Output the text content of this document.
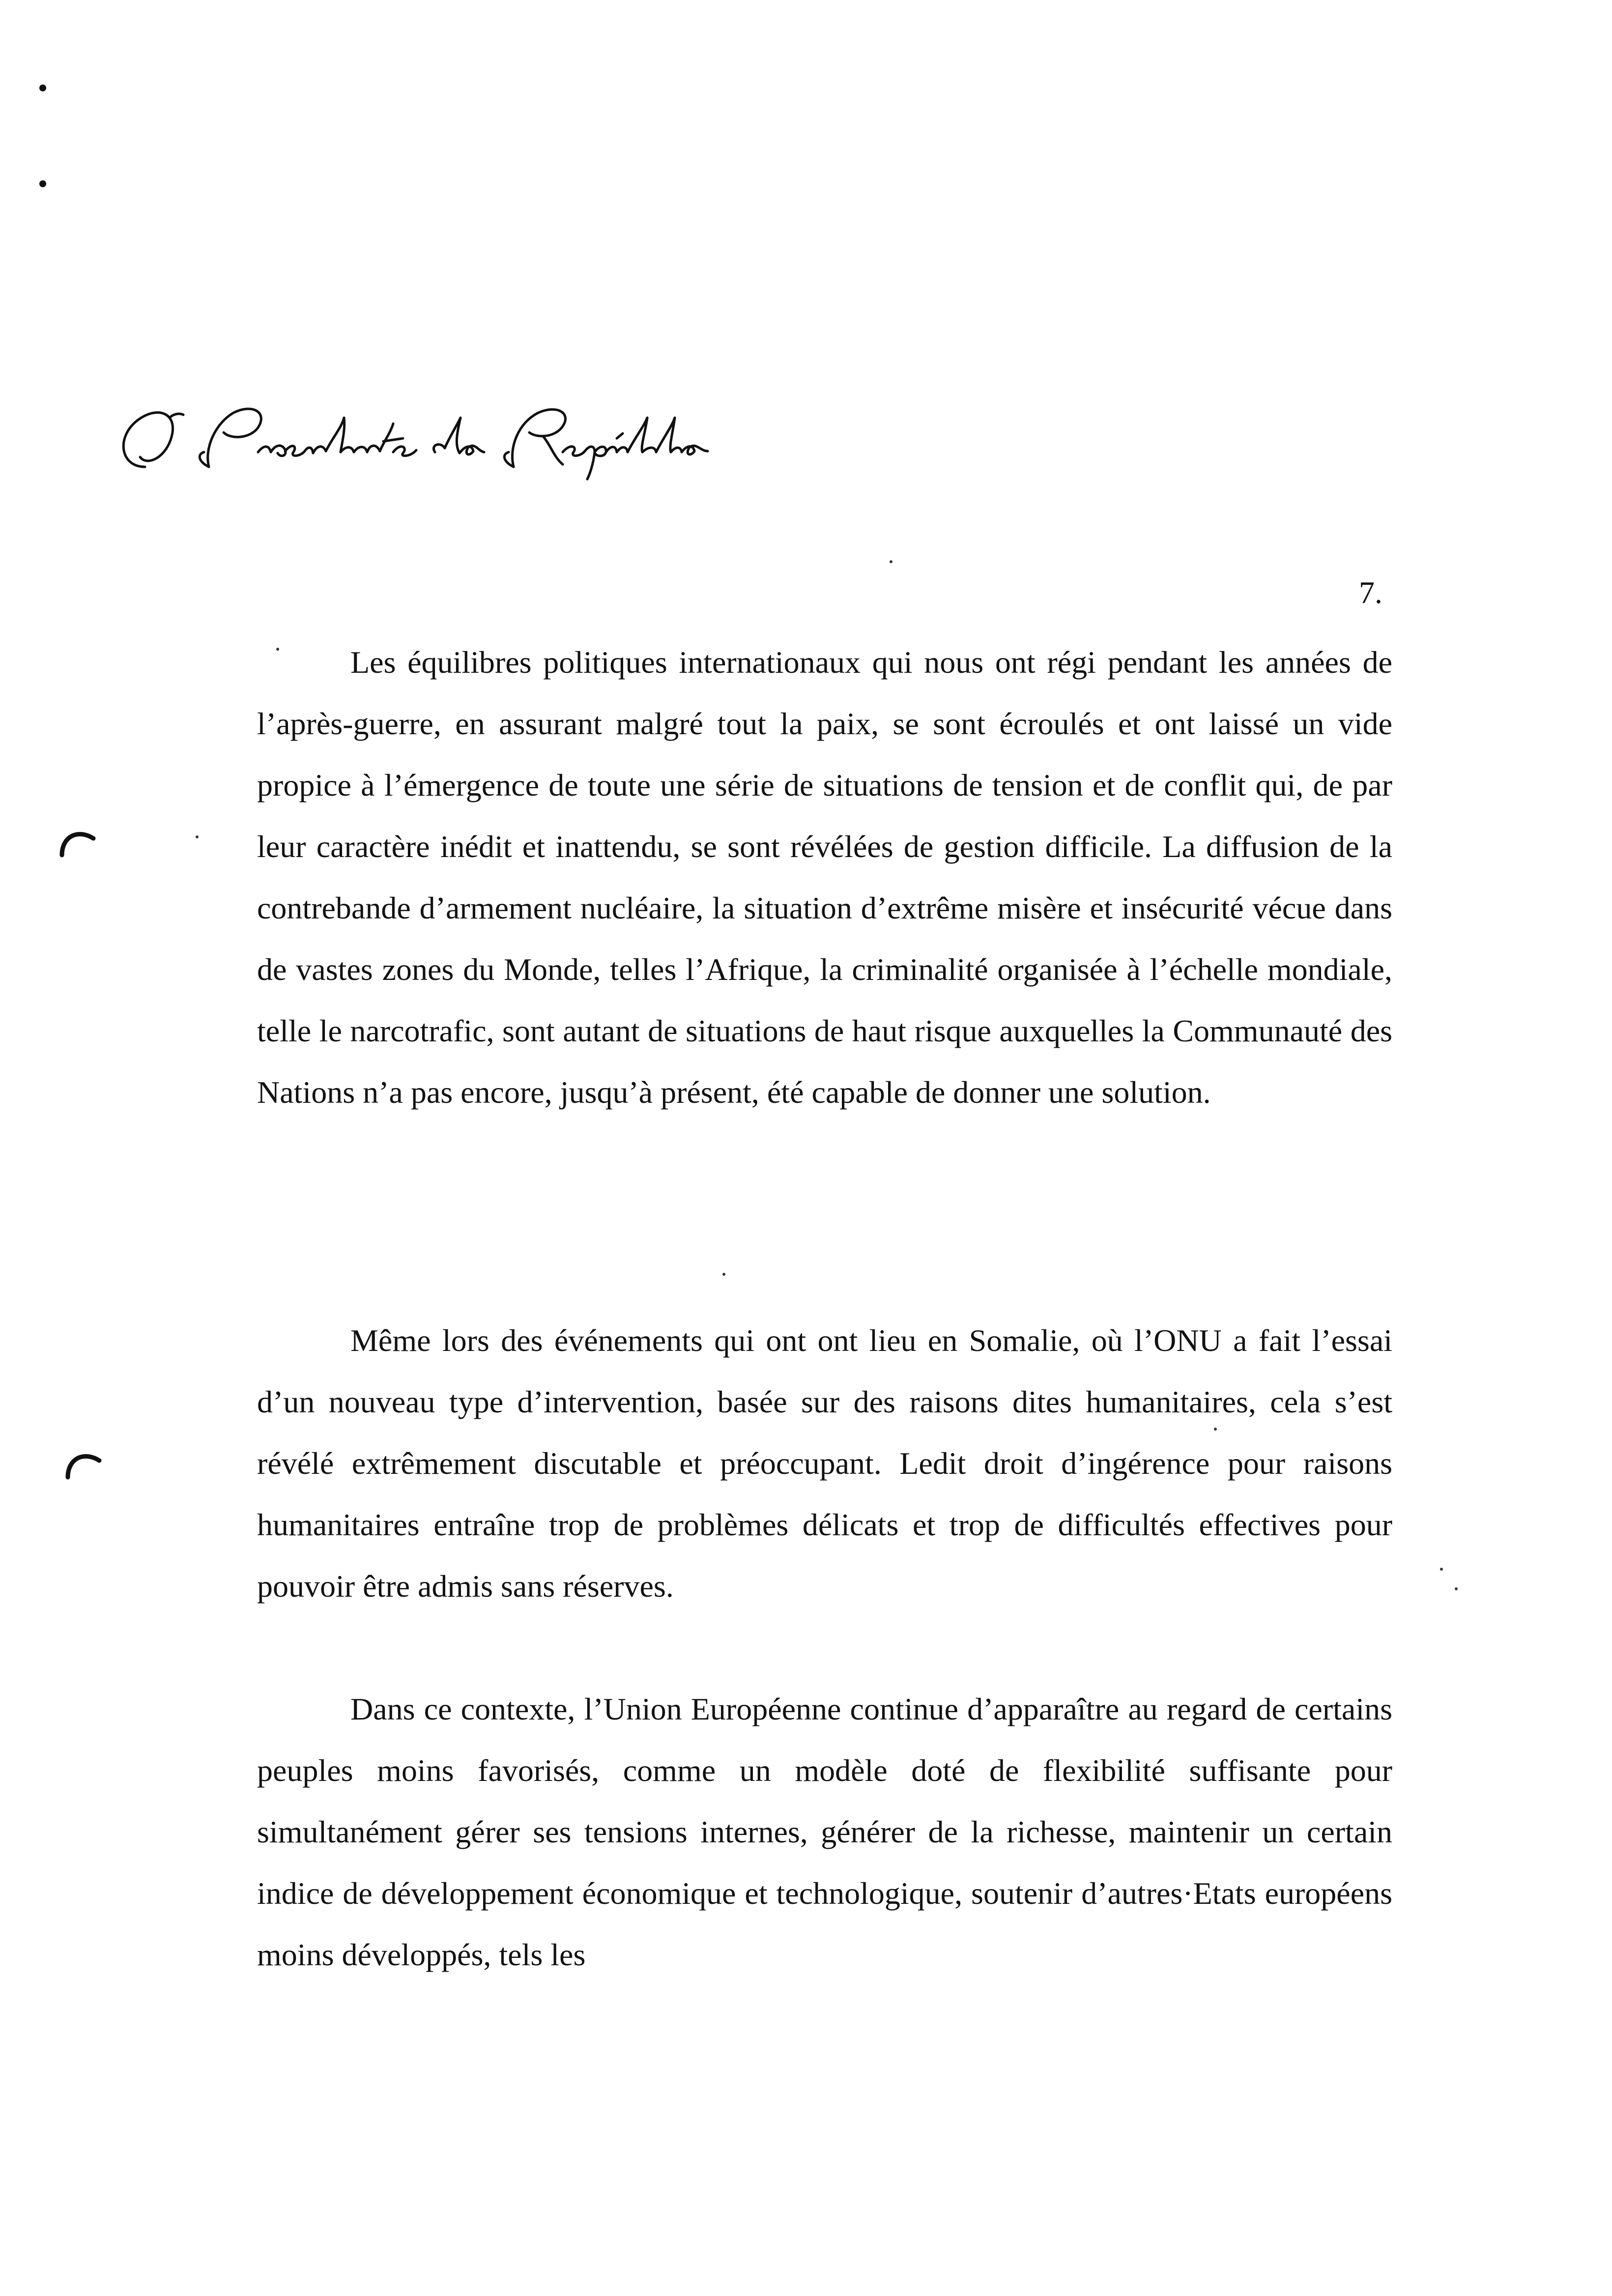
7.

Les équilibres politiques internationaux qui nous ont régi pendant les années de l’après-guerre, en assurant malgré tout la paix, se sont écroulés et ont laissé un vide propice à l’émergence de toute une série de situations de tension et de conflit qui, de par leur caractère inédit et inattendu, se sont révélées de gestion difficile. La diffusion de la contrebande d’armement nucléaire, la situation d’extrême misère et insécurité vécue dans de vastes zones du Monde, telles l’Afrique, la criminalité organisée à l’échelle mondiale, telle le narcotrafic, sont autant de situations de haut risque auxquelles la Communauté des Nations n’a pas encore, jusqu’à présent, été capable de donner une solution.

Même lors des événements qui ont ont lieu en Somalie, où l’ONU a fait l’essai d’un nouveau type d’intervention, basée sur des raisons dites humanitaires, cela s’est révélé extrêmement discutable et préoccupant. Ledit droit d’ingérence pour raisons humanitaires entraîne trop de problèmes délicats et trop de difficultés effectives pour pouvoir être admis sans réserves.

Dans ce contexte, l’Union Européenne continue d’apparaître au regard de certains peuples moins favorisés, comme un modèle doté de flexibilité suffisante pour simultanément gérer ses tensions internes, générer de la richesse, maintenir un certain indice de développement économique et technologique, soutenir d’autres·Etats européens moins développés, tels les
